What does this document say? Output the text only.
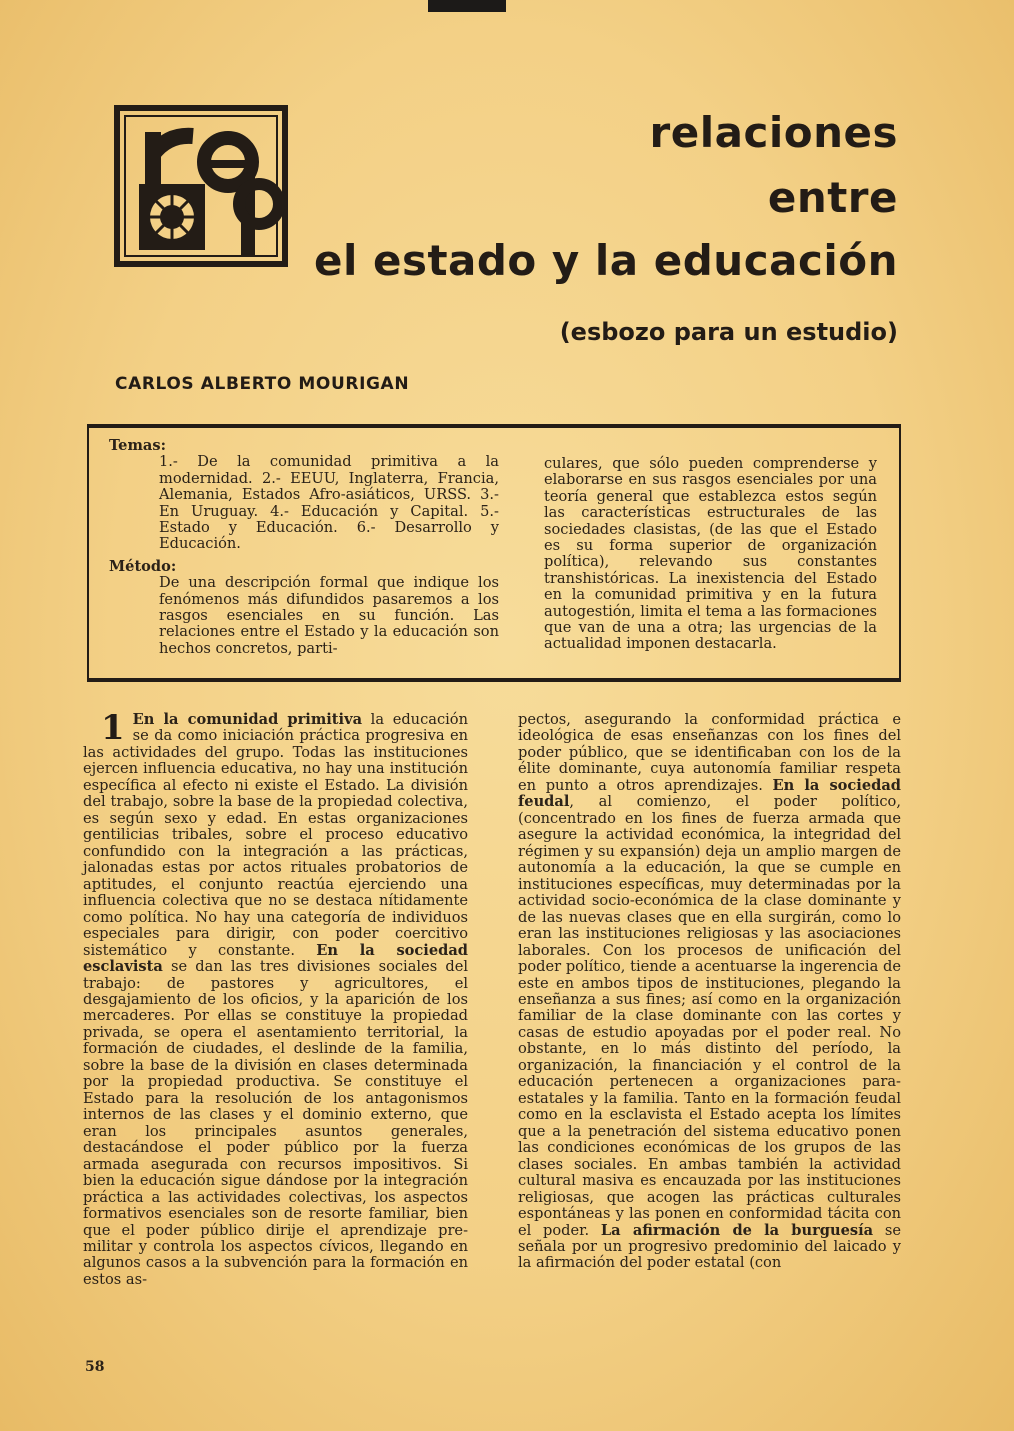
relaciones
entre
el estado y la educación
(esbozo para un estudio)

CARLOS ALBERTO MOURIGAN

Temas:

1.- De la comunidad primitiva a la modernidad. 2.- EEUU, Inglaterra, Francia, Alemania, Estados Afro-asiáticos, URSS. 3.- En Uruguay. 4.- Educación y Capital. 5.- Estado y Educación. 6.- Desarrollo y Educación.

Método:

De una descripción formal que indique los fenómenos más difundidos pasaremos a los rasgos esenciales en su función. Las relaciones entre el Estado y la educación son hechos concretos, parti-

culares, que sólo pueden comprenderse y elaborarse en sus rasgos esenciales por una teoría general que establezca estos según las características estructurales de las sociedades clasistas, (de las que el Estado es su forma superior de organización política), relevando sus constantes transhistóricas. La inexistencia del Estado en la comunidad primitiva y en la futura autogestión, limita el tema a las formaciones que van de una a otra; las urgencias de la actualidad imponen destacarla.

1 En la comunidad primitiva la educación se da como iniciación práctica progresiva en las actividades del grupo. Todas las instituciones ejercen influencia educativa, no hay una institución específica al efecto ni existe el Estado. La división del trabajo, sobre la base de la propiedad colectiva, es según sexo y edad. En estas organizaciones gentilicias tribales, sobre el proceso educativo confundido con la integración a las prácticas, jalonadas estas por actos rituales probatorios de aptitudes, el conjunto reactúa ejerciendo una influencia colectiva que no se destaca nítidamente como política. No hay una categoría de individuos especiales para dirigir, con poder coercitivo sistemático y constante. En la sociedad esclavista se dan las tres divisiones sociales del trabajo: de pastores y agricultores, el desgajamiento de los oficios, y la aparición de los mercaderes. Por ellas se constituye la propiedad privada, se opera el asentamiento territorial, la formación de ciudades, el deslinde de la familia, sobre la base de la división en clases determinada por la propiedad productiva. Se constituye el Estado para la resolución de los antagonismos internos de las clases y el dominio externo, que eran los principales asuntos generales, destacándose el poder público por la fuerza armada asegurada con recursos impositivos. Si bien la educación sigue dándose por la integración práctica a las actividades colectivas, los aspectos formativos esenciales son de resorte familiar, bien que el poder público dirije el aprendizaje pre-militar y controla los aspectos cívicos, llegando en algunos casos a la subvención para la formación en estos as-

pectos, asegurando la conformidad práctica e ideológica de esas enseñanzas con los fines del poder público, que se identificaban con los de la élite dominante, cuya autonomía familiar respeta en punto a otros aprendizajes. En la sociedad feudal, al comienzo, el poder político, (concentrado en los fines de fuerza armada que asegure la actividad económica, la integridad del régimen y su expansión) deja un amplio margen de autonomía a la educación, la que se cumple en instituciones específicas, muy determinadas por la actividad socio-económica de la clase dominante y de las nuevas clases que en ella surgirán, como lo eran las instituciones religiosas y las asociaciones laborales. Con los procesos de unificación del poder político, tiende a acentuarse la ingerencia de este en ambos tipos de instituciones, plegando la enseñanza a sus fines; así como en la organización familiar de la clase dominante con las cortes y casas de estudio apoyadas por el poder real. No obstante, en lo más distinto del período, la organización, la financiación y el control de la educación pertenecen a organizaciones para-estatales y la familia. Tanto en la formación feudal como en la esclavista el Estado acepta los límites que a la penetración del sistema educativo ponen las condiciones económicas de los grupos de las clases sociales. En ambas también la actividad cultural masiva es encauzada por las instituciones religiosas, que acogen las prácticas culturales espontáneas y las ponen en conformidad tácita con el poder. La afirmación de la burguesía se señala por un progresivo predominio del laicado y la afirmación del poder estatal (con

58
